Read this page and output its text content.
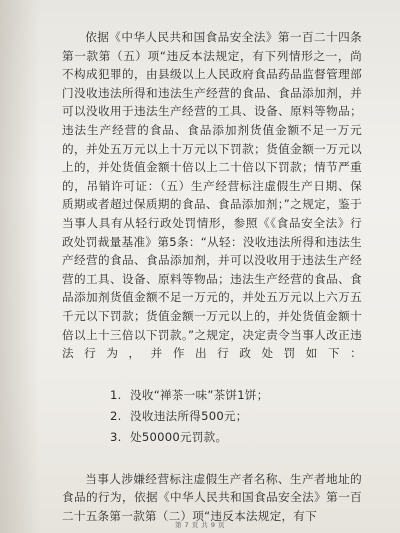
依据《中华人民共和国食品安全法》第一百二十四条第一款第（五）项“违反本法规定，有下列情形之一，尚不构成犯罪的，由县级以上人民政府食品药品监督管理部门没收违法所得和违法生产经营的食品、食品添加剂，并可以没收用于违法生产经营的工具、设备、原料等物品；违法生产经营的食品、食品添加剂货值金额不足一万元的，并处五万元以上十万元以下罚款；货值金额一万元以上的，并处货值金额十倍以上二十倍以下罚款；情节严重的，吊销许可证：（五）生产经营标注虚假生产日期、保质期或者超过保质期的食品、食品添加剂；”之规定，鉴于当事人具有从轻行政处罚情形，参照《《食品安全法》行政处罚裁量基准》第5条：“从轻：没收违法所得和违法生产经营的食品、食品添加剂，并可以没收用于违法生产经营的工具、设备、原料等物品；违法生产经营的食品、食品添加剂货值金额不足一万元的，并处五万元以上六万五千元以下罚款；货值金额一万元以上的，并处货值金额十倍以上十三倍以下罚款。”之规定，决定责令当事人改正违法行为，并作出行政处罚如下：

1. 没收“禅茶一味”茶饼1饼；
2. 没收违法所得500元；
3. 处50000元罚款。

当事人涉嫌经营标注虚假生产者名称、生产者地址的食品的行为，依据《中华人民共和国食品安全法》第一百二十五条第一款第（二）项“违反本法规定，有下

第 7 页 共 9 页
